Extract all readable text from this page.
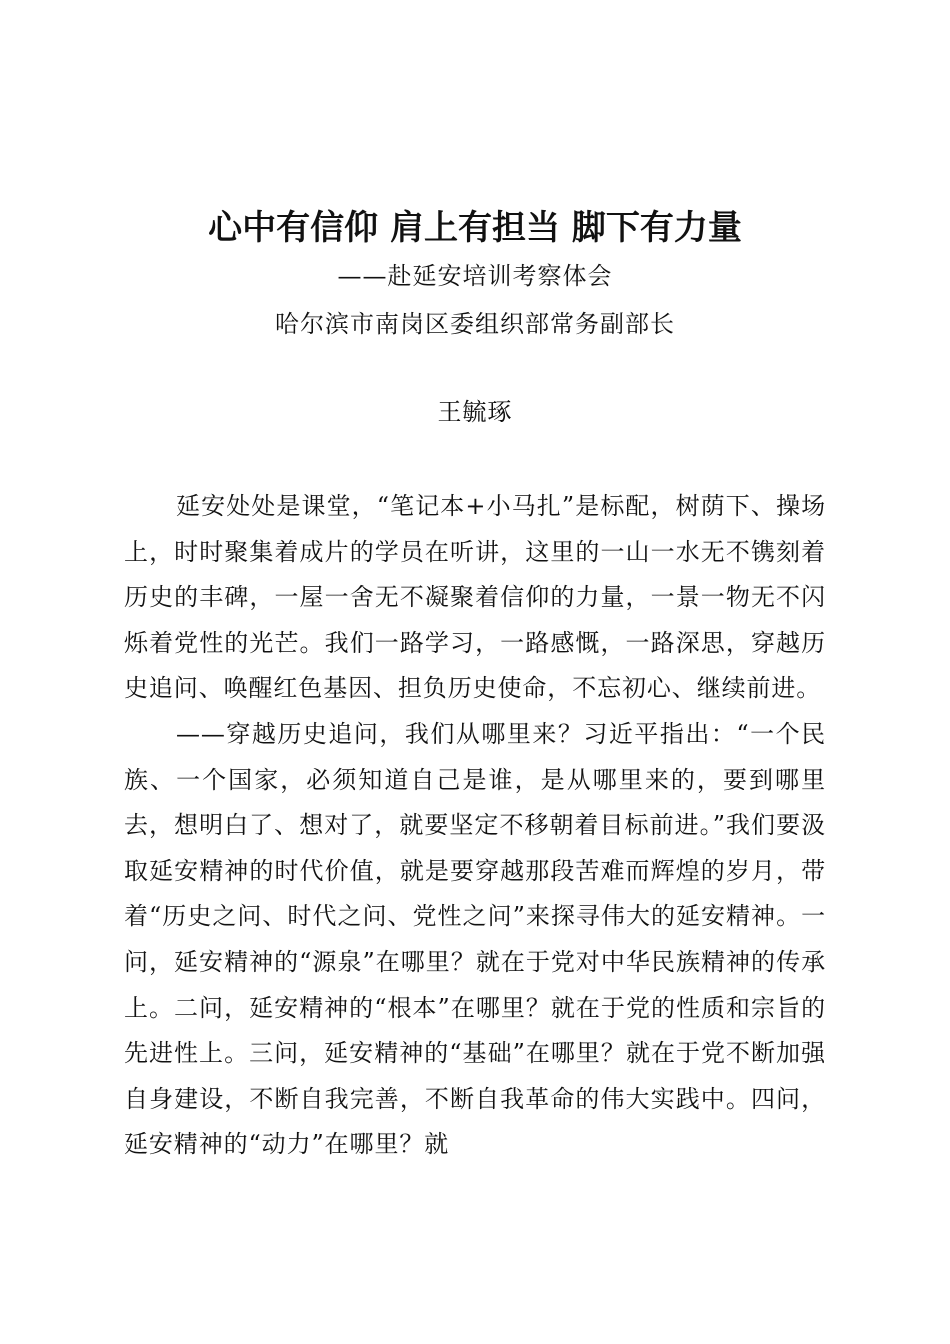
心中有信仰 肩上有担当 脚下有力量
——赴延安培训考察体会
哈尔滨市南岗区委组织部常务副部长
王毓琢

延安处处是课堂，“笔记本+小马扎”是标配，树荫下、操场上，时时聚集着成片的学员在听讲，这里的一山一水无不镌刻着历史的丰碑，一屋一舍无不凝聚着信仰的力量，一景一物无不闪烁着党性的光芒。我们一路学习，一路感慨，一路深思，穿越历史追问、唤醒红色基因、担负历史使命，不忘初心、继续前进。

——穿越历史追问，我们从哪里来？习近平指出：“一个民族、一个国家，必须知道自己是谁，是从哪里来的，要到哪里去，想明白了、想对了，就要坚定不移朝着目标前进。”我们要汲取延安精神的时代价值，就是要穿越那段苦难而辉煌的岁月，带着“历史之问、时代之问、党性之问”来探寻伟大的延安精神。一问，延安精神的“源泉”在哪里？就在于党对中华民族精神的传承上。二问，延安精神的“根本”在哪里？就在于党的性质和宗旨的先进性上。三问，延安精神的“基础”在哪里？就在于党不断加强自身建设，不断自我完善，不断自我革命的伟大实践中。四问，延安精神的“动力”在哪里？就
